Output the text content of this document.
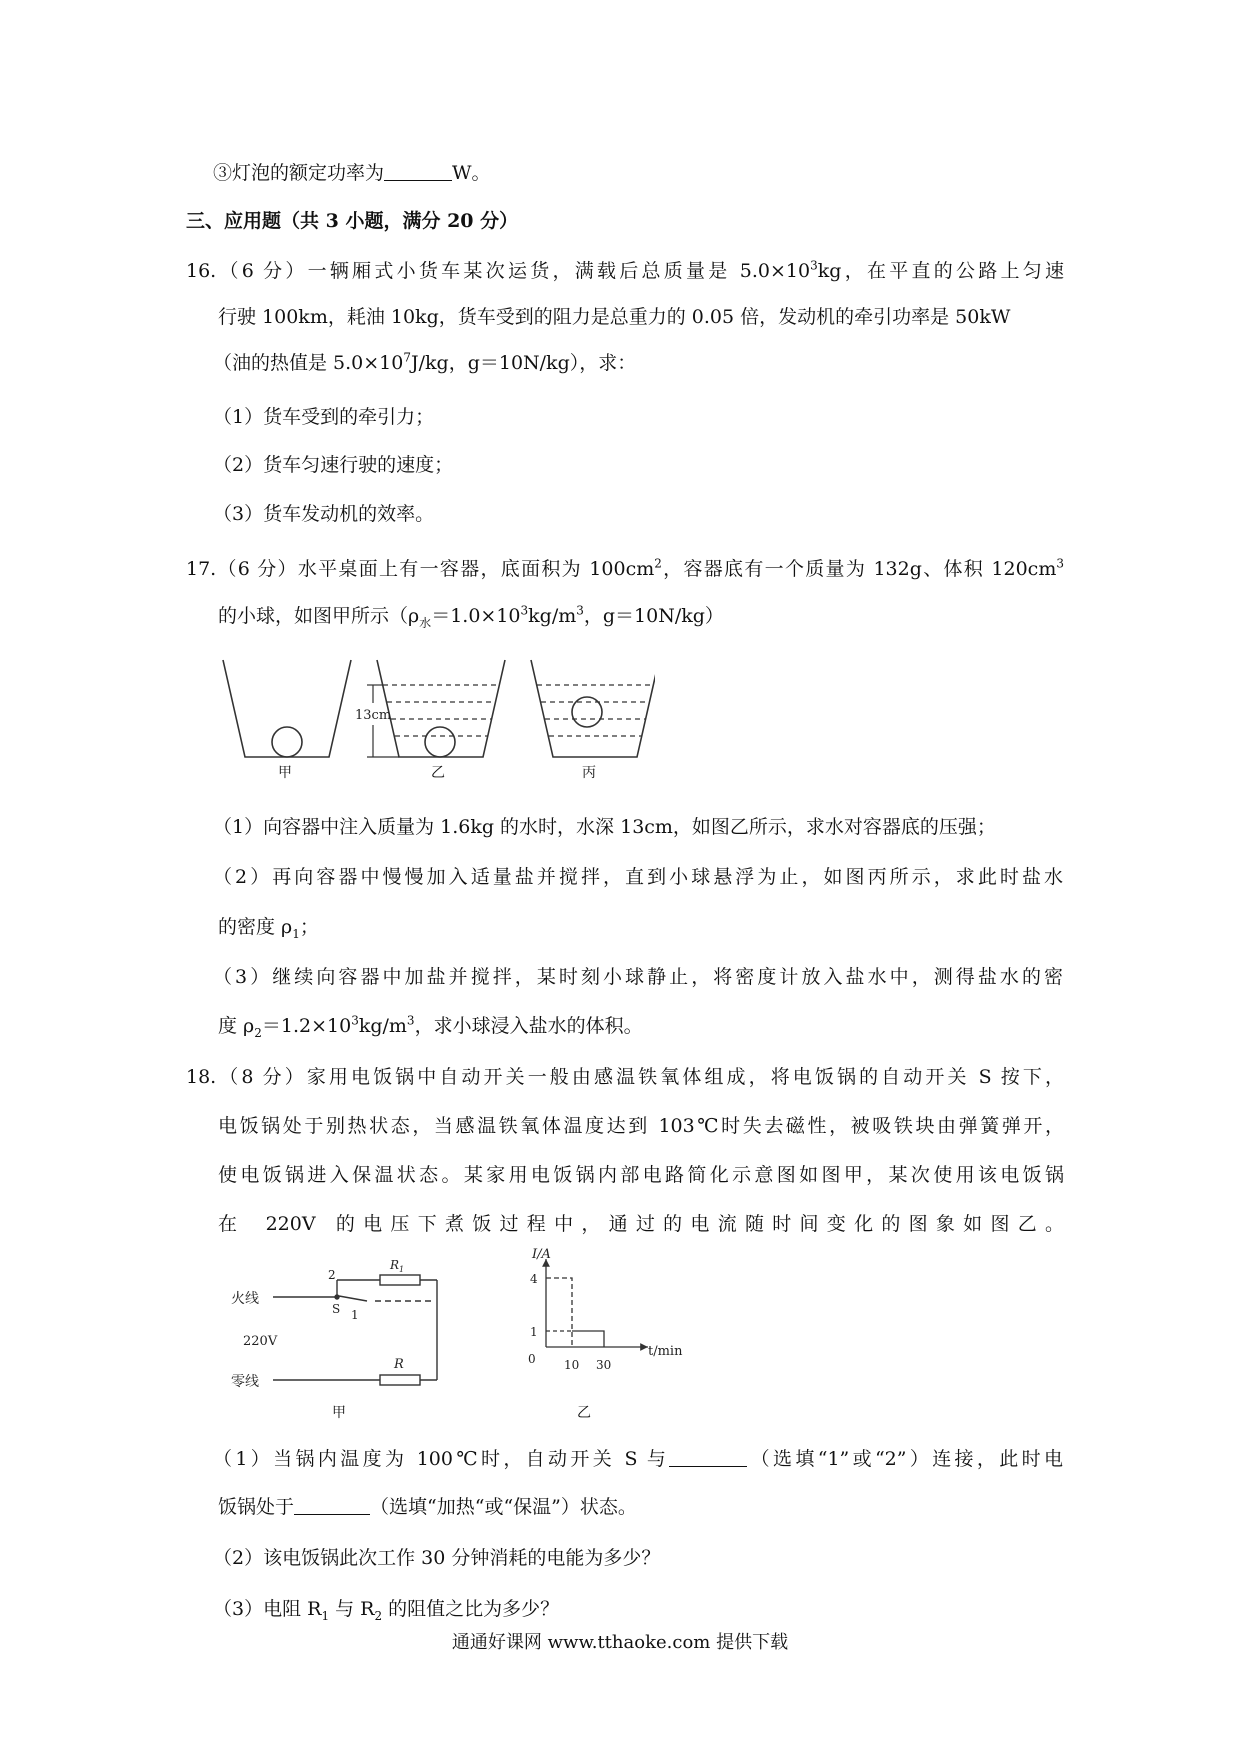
③灯泡的额定功率为	W。
三、应用题（共 3 小题，满分 20 分）
16.（6 分）一辆厢式小货车某次运货，满载后总质量是 $5.0\times 10^3kg$，在平直的公路上匀速
行驶 100km，耗油 10kg，货车受到的阻力是总重力的 0.05 倍，发动机的牵引功率是 50kW
（油的热值是 $5.0\times 10^7J/kg$，g＝10N/kg），求：
（1）货车受到的牵引力；
（2）货车匀速行驶的速度；
（3）货车发动机的效率。
17.（6 分）水平桌面上有一容器，底面积为 $100cm^2$，容器底有一个质量为 132g、体积 $120cm^3$
的小球，如图甲所示（$\rho_水=1.0\times 10^3kg/m^3$，g＝10N/kg）
13cm
甲	乙	丙
（1）向容器中注入质量为 1.6kg 的水时，水深 13cm，如图乙所示，求水对容器底的压强；
（2）再向容器中慢慢加入适量盐并搅拌，直到小球悬浮为止，如图丙所示，求此时盐水
的密度 $\rho_1$；
（3）继续向容器中加盐并搅拌，某时刻小球静止，将密度计放入盐水中，测得盐水的密
度 $\rho_2=1.2\times 10^3kg/m^3$，求小球浸入盐水的体积。
18.（8 分）家用电饭锅中自动开关一般由感温铁氧体组成，将电饭锅的自动开关 S 按下，
电饭锅处于别热状态，当感温铁氧体温度达到 103℃时失去磁性，被吸铁块由弹簧弹开，
使电饭锅进入保温状态。某家用电饭锅内部电路简化示意图如图甲，某次使用该电饭锅
在 220V 的电压下煮饭过程中，通过的电流随时间变化的图象如图乙。
火线
220V
零线
S 1
2
$R_1$
R
甲
I/A
t/min
0
4
1
10 30
乙
（1）当锅内温度为 100℃时，自动开关 S 与	（选填“1”或“2”）连接，此时电
饭锅处于	（选填“加热“或“保温”）状态。
（2）该电饭锅此次工作 30 分钟消耗的电能为多少？
（3）电阻 $R_1$ 与 $R_2$ 的阻值之比为多少？
通通好课网 www.tthaoke.com 提供下载
